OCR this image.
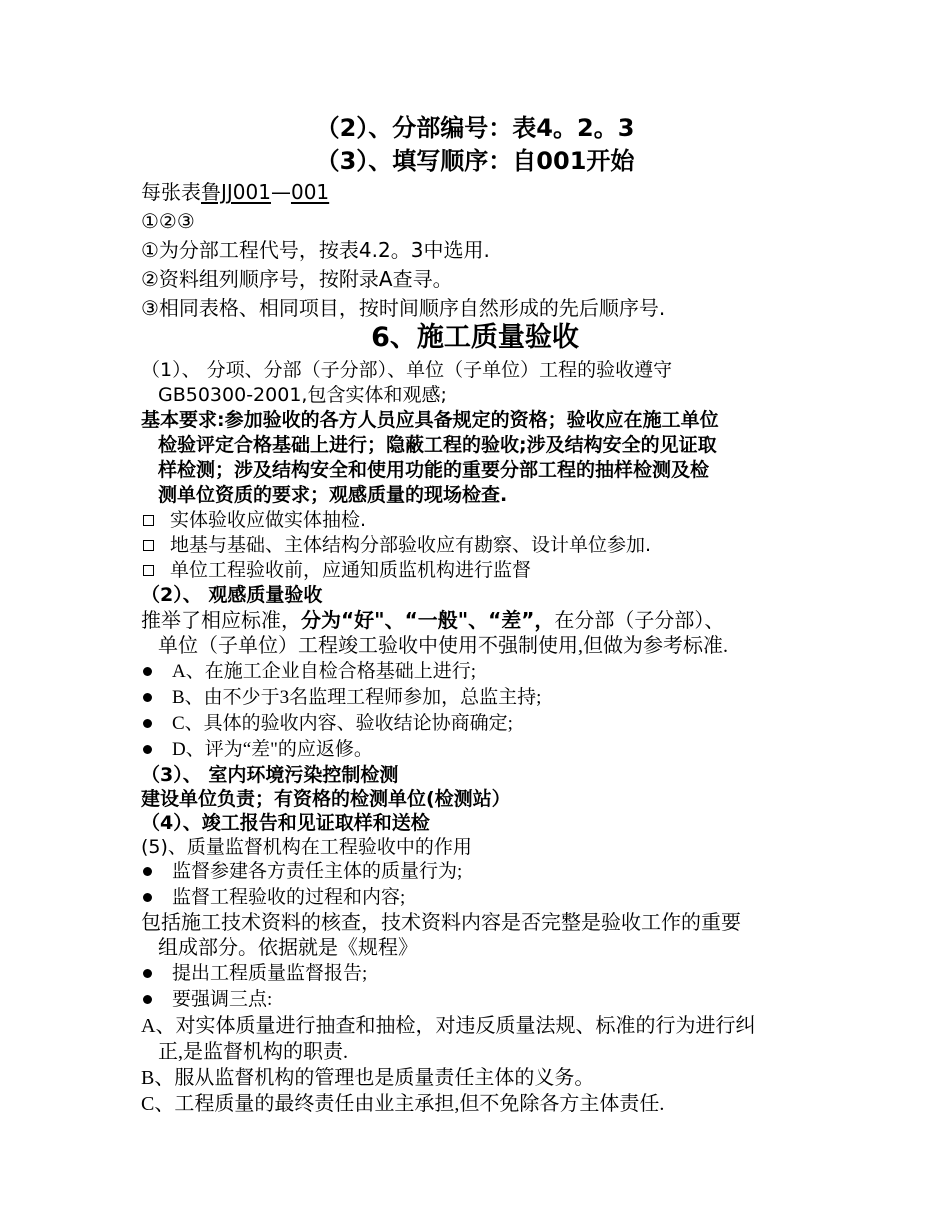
（2）、分部编号：表4。2。3
（3）、填写顺序：自001开始
每张表鲁JJ001—001
①②③
①为分部工程代号，按表4.2。3中选用.
②资料组列顺序号，按附录A查寻。
③相同表格、相同项目，按时间顺序自然形成的先后顺序号.
6、施工质量验收
（1）、 分项、分部（子分部）、单位（子单位）工程的验收遵守
GB50300-2001,包含实体和观感;
基本要求:参加验收的各方人员应具备规定的资格；验收应在施工单位
检验评定合格基础上进行；隐蔽工程的验收;涉及结构安全的见证取
样检测；涉及结构安全和使用功能的重要分部工程的抽样检测及检
测单位资质的要求；观感质量的现场检查.
实体验收应做实体抽检.
地基与基础、主体结构分部验收应有勘察、设计单位参加.
单位工程验收前，应通知质监机构进行监督
（2）、 观感质量验收
推举了相应标准，分为“好"、“一般"、“差”，在分部（子分部）、
单位（子单位）工程竣工验收中使用不强制使用,但做为参考标准.
A、在施工企业自检合格基础上进行;
B、由不少于3名监理工程师参加，总监主持;
C、具体的验收内容、验收结论协商确定;
D、评为“差"的应返修。
（3）、 室内环境污染控制检测
建设单位负责；有资格的检测单位(检测站）
（4）、竣工报告和见证取样和送检
(5)、质量监督机构在工程验收中的作用
监督参建各方责任主体的质量行为;
监督工程验收的过程和内容;
包括施工技术资料的核查，技术资料内容是否完整是验收工作的重要
组成部分。依据就是《规程》
提出工程质量监督报告;
要强调三点:
A、对实体质量进行抽查和抽检，对违反质量法规、标准的行为进行纠
正,是监督机构的职责.
B、服从监督机构的管理也是质量责任主体的义务。
C、工程质量的最终责任由业主承担,但不免除各方主体责任.
